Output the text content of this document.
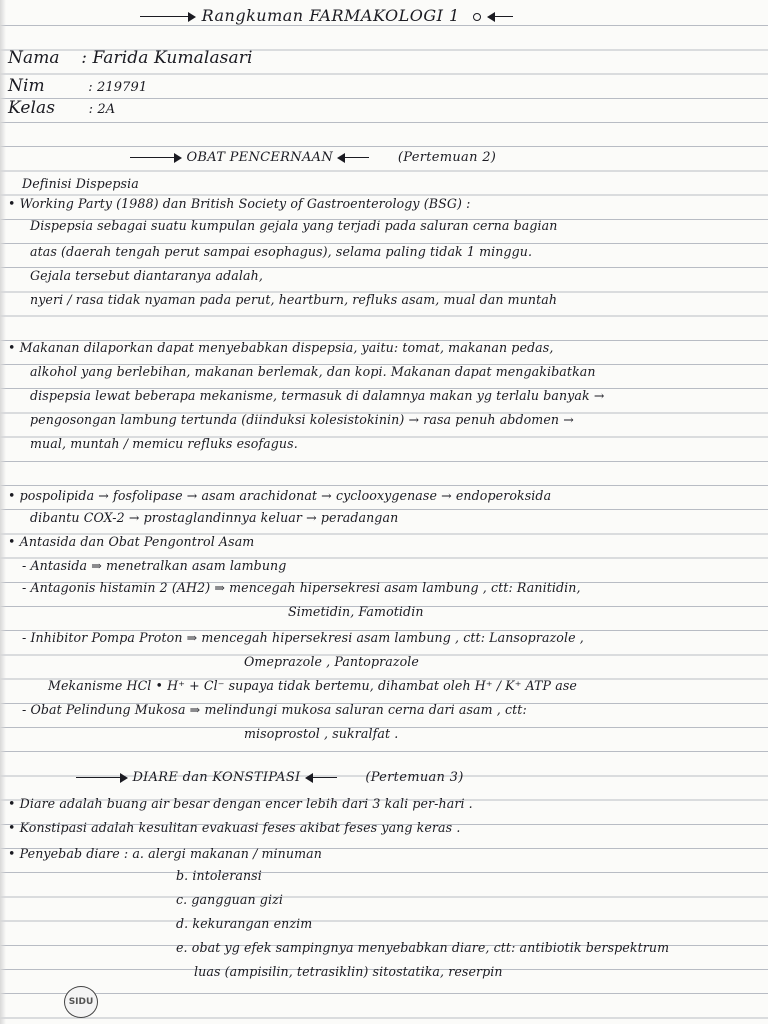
Rangkuman FARMAKOLOGI 1
Nama : Farida Kumalasari
Nim	: 219791
Kelas	: 2A
OBAT PENCERNAAN	(Pertemuan 2)
Definisi Dispepsia
• Working Party (1988) dan British Society of Gastroenterology (BSG) :
Dispepsia sebagai suatu kumpulan gejala yang terjadi pada saluran cerna bagian
atas (daerah tengah perut sampai esophagus), selama paling tidak 1 minggu.
Gejala tersebut diantaranya adalah,
nyeri / rasa tidak nyaman pada perut, heartburn, refluks asam, mual dan muntah
• Makanan dilaporkan dapat menyebabkan dispepsia, yaitu: tomat, makanan pedas,
alkohol yang berlebihan, makanan berlemak, dan kopi. Makanan dapat mengakibatkan
dispepsia lewat beberapa mekanisme, termasuk di dalamnya makan yg terlalu banyak →
pengosongan lambung tertunda (diinduksi kolesistokinin) → rasa penuh abdomen →
mual, muntah / memicu refluks esofagus.
• pospolipida → fosfolipase → asam arachidonat → cyclooxygenase → endoperoksida
dibantu COX-2 → prostaglandinnya keluar → peradangan
• Antasida dan Obat Pengontrol Asam
- Antasida ⇒ menetralkan asam lambung
- Antagonis histamin 2 (AH2) ⇒ mencegah hipersekresi asam lambung , ctt: Ranitidin,
Simetidin, Famotidin
- Inhibitor Pompa Proton ⇒ mencegah hipersekresi asam lambung , ctt: Lansoprazole ,
Omeprazole , Pantoprazole
Mekanisme HCl • H⁺ + Cl⁻ supaya tidak bertemu, dihambat oleh H⁺ / K⁺ ATP ase
- Obat Pelindung Mukosa ⇒ melindungi mukosa saluran cerna dari asam , ctt:
misoprostol , sukralfat .
DIARE dan KONSTIPASI	(Pertemuan 3)
• Diare adalah buang air besar dengan encer lebih dari 3 kali per-hari .
• Konstipasi adalah kesulitan evakuasi feses akibat feses yang keras .
• Penyebab diare : a. alergi makanan / minuman
b. intoleransi
c. gangguan gizi
d. kekurangan enzim
e. obat yg efek sampingnya menyebabkan diare, ctt: antibiotik berspektrum
luas (ampisilin, tetrasiklin) sitostatika, reserpin
SIDU
